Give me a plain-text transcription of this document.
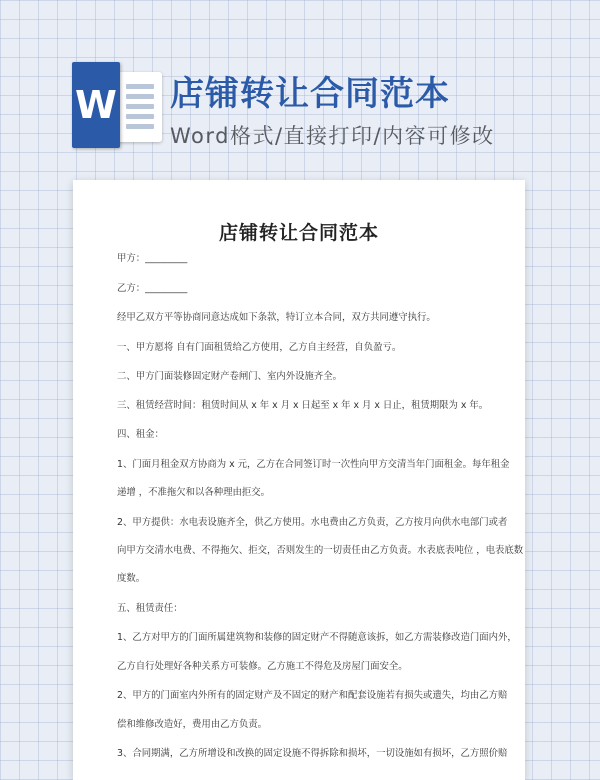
W 店铺转让合同范本
Word格式/直接打印/内容可修改
店铺转让合同范本
甲方：_________
乙方：_________
经甲乙双方平等协商同意达成如下条款，特订立本合同，双方共同遵守执行。
一、甲方愿将 自有门面租赁给乙方使用，乙方自主经营，自负盈亏。
二、甲方门面装修固定财产卷闸门、室内外设施齐全。
三、租赁经营时间：租赁时间从 x 年 x 月 x 日起至 x 年 x 月 x 日止，租赁期限为 x 年。
四、租金：
1、门面月租金双方协商为 x 元，乙方在合同签订时一次性向甲方交清当年门面租金。每年租金
递增 ，不准拖欠和以各种理由拒交。
2、甲方提供：水电表设施齐全，供乙方使用。水电费由乙方负责，乙方按月向供水电部门或者
向甲方交清水电费、不得拖欠、拒交，否则发生的一切责任由乙方负责。水表底表吨位 ，电表底数
度数。
五、租赁责任：
1、乙方对甲方的门面所属建筑物和装修的固定财产不得随意该拆，如乙方需装修改造门面内外，
乙方自行处理好各种关系方可装修。乙方施工不得危及房屋门面安全。
2、甲方的门面室内外所有的固定财产及不固定的财产和配套设施若有损失或遗失，均由乙方赔
偿和维修改造好，费用由乙方负责。
3、合同期满，乙方所增设和改换的固定设施不得拆除和损坏，一切设施如有损坏，乙方照价赔
